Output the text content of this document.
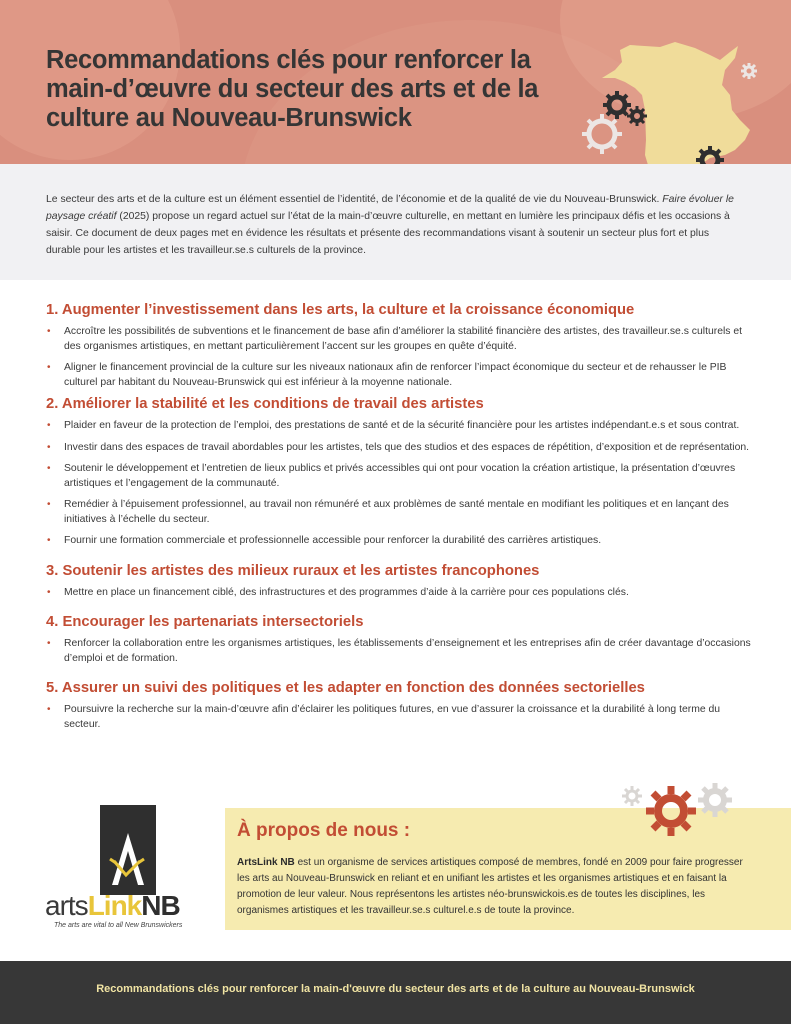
Recommandations clés pour renforcer la main-d’œuvre du secteur des arts et de la culture au Nouveau-Brunswick

Le secteur des arts et de la culture est un élément essentiel de l’identité, de l’économie et de la qualité de vie du Nouveau-Brunswick. Faire évoluer le paysage créatif (2025) propose un regard actuel sur l’état de la main-d’œuvre culturelle, en mettant en lumière les principaux défis et les occasions à saisir. Ce document de deux pages met en évidence les résultats et présente des recommandations visant à soutenir un secteur plus fort et plus durable pour les artistes et les travailleur.se.s culturels de la province.

1. Augmenter l’investissement dans les arts, la culture et la croissance économique
• Accroître les possibilités de subventions et le financement de base afin d’améliorer la stabilité financière des artistes, des travailleur.se.s culturels et des organismes artistiques, en mettant particulièrement l’accent sur les groupes en quête d’équité.
• Aligner le financement provincial de la culture sur les niveaux nationaux afin de renforcer l’impact économique du secteur et de rehausser le PIB culturel par habitant du Nouveau-Brunswick qui est inférieur à la moyenne nationale.
2. Améliorer la stabilité et les conditions de travail des artistes
• Plaider en faveur de la protection de l’emploi, des prestations de santé et de la sécurité financière pour les artistes indépendant.e.s et sous contrat.
• Investir dans des espaces de travail abordables pour les artistes, tels que des studios et des espaces de répétition, d’exposition et de représentation.
• Soutenir le développement et l’entretien de lieux publics et privés accessibles qui ont pour vocation la création artistique, la présentation d’œuvres artistiques et l’engagement de la communauté.
• Remédier à l’épuisement professionnel, au travail non rémunéré et aux problèmes de santé mentale en modifiant les politiques et en lançant des initiatives à l’échelle du secteur.
• Fournir une formation commerciale et professionnelle accessible pour renforcer la durabilité des carrières artistiques.
3. Soutenir les artistes des milieux ruraux et les artistes francophones
• Mettre en place un financement ciblé, des infrastructures et des programmes d’aide à la carrière pour ces populations clés.
4. Encourager les partenariats intersectoriels
• Renforcer la collaboration entre les organismes artistiques, les établissements d’enseignement et les entreprises afin de créer davantage d’occasions d’emploi et de formation.
5. Assurer un suivi des politiques et les adapter en fonction des données sectorielles
• Poursuivre la recherche sur la main-d’œuvre afin d’éclairer les politiques futures, en vue d’assurer la croissance et la durabilité à long terme du secteur.
artsLinkNB
The arts are vital to all New Brunswickers
À propos de nous :

ArtsLink NB est un organisme de services artistiques composé de membres, fondé en 2009 pour faire progresser les arts au Nouveau-Brunswick en reliant et en unifiant les artistes et les organismes artistiques et en faisant la promotion de leur valeur. Nous représentons les artistes néo-brunswickois.es de toutes les disciplines, les organismes artistiques et les travailleur.se.s culturel.e.s de toute la province.

Recommandations clés pour renforcer la main-d'œuvre du secteur des arts et de la culture au Nouveau-Brunswick
